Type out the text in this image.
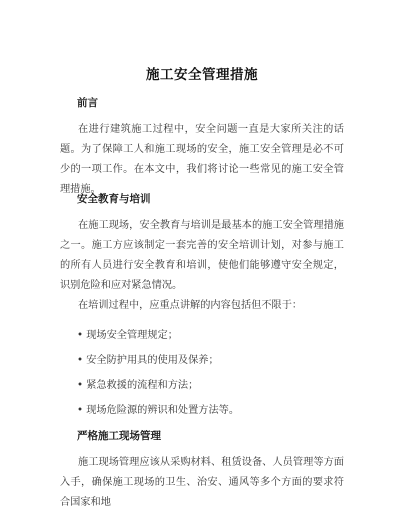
施工安全管理措施
前言
在进行建筑施工过程中，安全问题一直是大家所关注的话题。为了保障工人和施工现场的安全，施工安全管理是必不可少的一项工作。在本文中，我们将讨论一些常见的施工安全管理措施。
安全教育与培训
在施工现场，安全教育与培训是最基本的施工安全管理措施之一。施工方应该制定一套完善的安全培训计划，对参与施工的所有人员进行安全教育和培训，使他们能够遵守安全规定，识别危险和应对紧急情况。
在培训过程中，应重点讲解的内容包括但不限于：
• 现场安全管理规定；
• 安全防护用具的使用及保养；
• 紧急救援的流程和方法；
• 现场危险源的辨识和处置方法等。
严格施工现场管理
施工现场管理应该从采购材料、租赁设备、人员管理等方面入手，确保施工现场的卫生、治安、通风等多个方面的要求符合国家和地
